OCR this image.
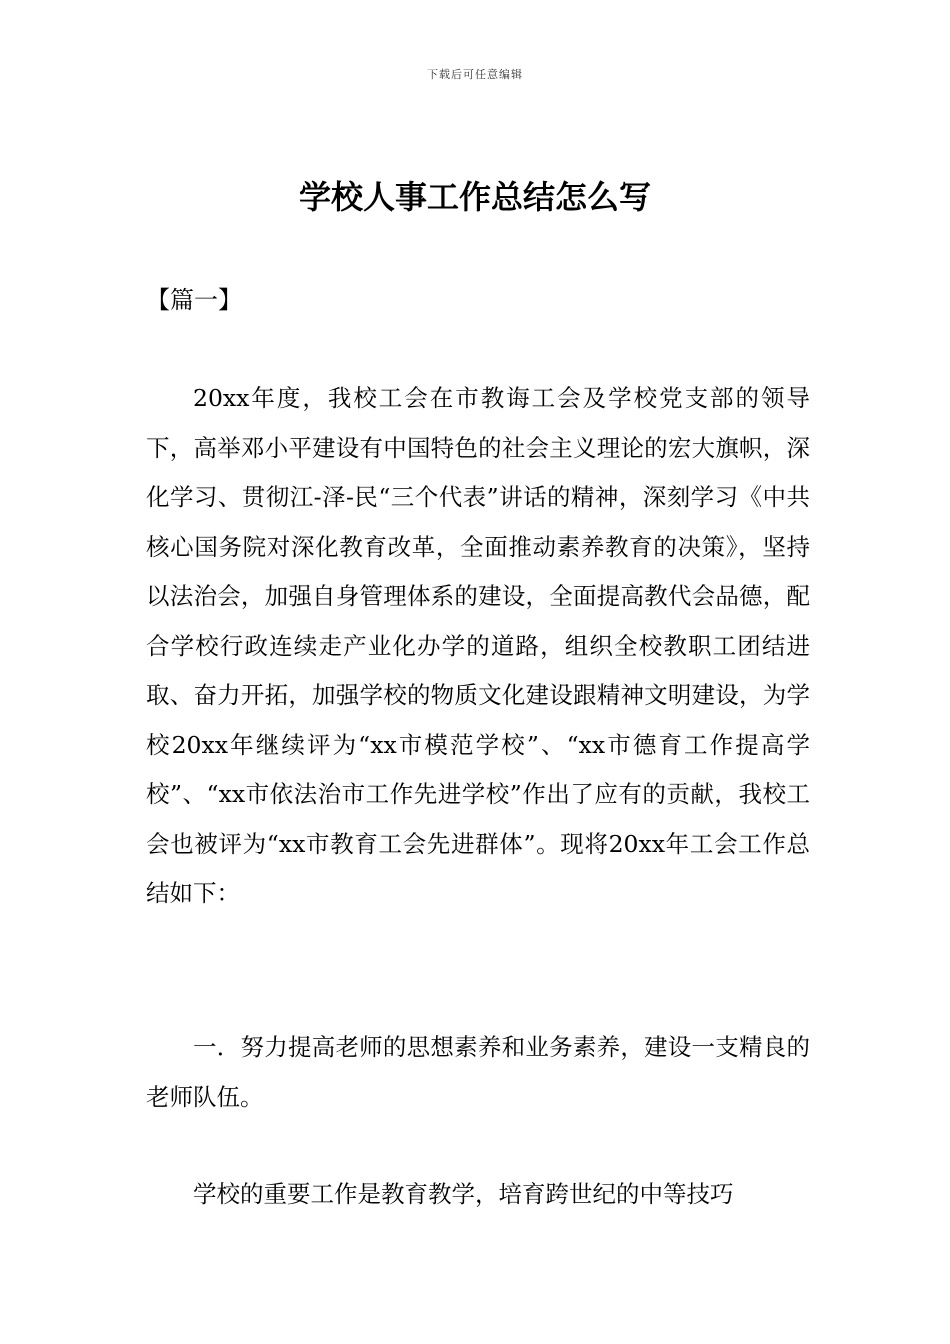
下载后可任意编辑
学校人事工作总结怎么写
【篇一】

20xx年度，我校工会在市教诲工会及学校党支部的领导下，高举邓小平建设有中国特色的社会主义理论的宏大旗帜，深化学习、贯彻江-泽-民“三个代表”讲话的精神，深刻学习《中共核心国务院对深化教育改革，全面推动素养教育的决策》，坚持以法治会，加强自身管理体系的建设，全面提高教代会品德，配合学校行政连续走产业化办学的道路，组织全校教职工团结进取、奋力开拓，加强学校的物质文化建设跟精神文明建设，为学校20xx年继续评为“xx市模范学校”、“xx市德育工作提高学校”、“xx市依法治市工作先进学校”作出了应有的贡献，我校工会也被评为“xx市教育工会先进群体”。现将20xx年工会工作总结如下：

一．努力提高老师的思想素养和业务素养，建设一支精良的老师队伍。

学校的重要工作是教育教学，培育跨世纪的中等技巧
